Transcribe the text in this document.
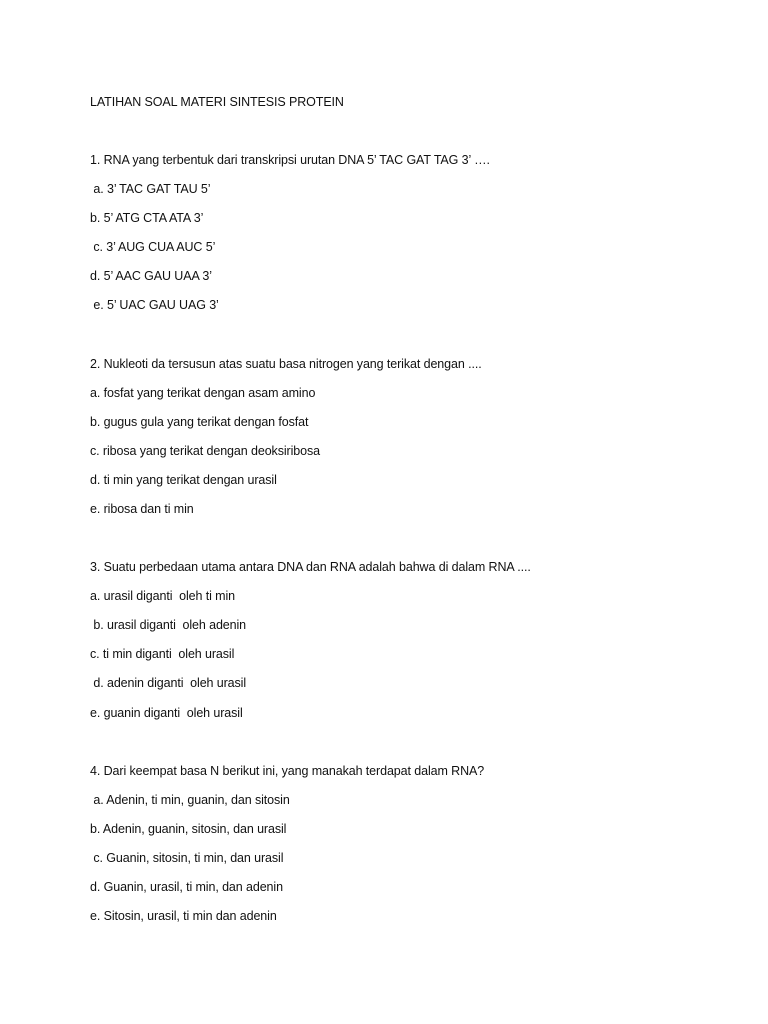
LATIHAN SOAL MATERI SINTESIS PROTEIN
1. RNA yang terbentuk dari transkripsi urutan DNA 5’ TAC GAT TAG 3’ ….
a. 3’ TAC GAT TAU 5’
b. 5’ ATG CTA ATA 3’
c. 3’ AUG CUA AUC 5’
d. 5’ AAC GAU UAA 3’
e. 5’ UAC GAU UAG 3’
2. Nukleoti da tersusun atas suatu basa nitrogen yang terikat dengan ....
a. fosfat yang terikat dengan asam amino
b. gugus gula yang terikat dengan fosfat
c. ribosa yang terikat dengan deoksiribosa
d. ti min yang terikat dengan urasil
e. ribosa dan ti min
3. Suatu perbedaan utama antara DNA dan RNA adalah bahwa di dalam RNA ....
a. urasil diganti  oleh ti min
b. urasil diganti  oleh adenin
c. ti min diganti  oleh urasil
d. adenin diganti  oleh urasil
e. guanin diganti  oleh urasil
4. Dari keempat basa N berikut ini, yang manakah terdapat dalam RNA?
a. Adenin, ti min, guanin, dan sitosin
b. Adenin, guanin, sitosin, dan urasil
c. Guanin, sitosin, ti min, dan urasil
d. Guanin, urasil, ti min, dan adenin
e. Sitosin, urasil, ti min dan adenin
